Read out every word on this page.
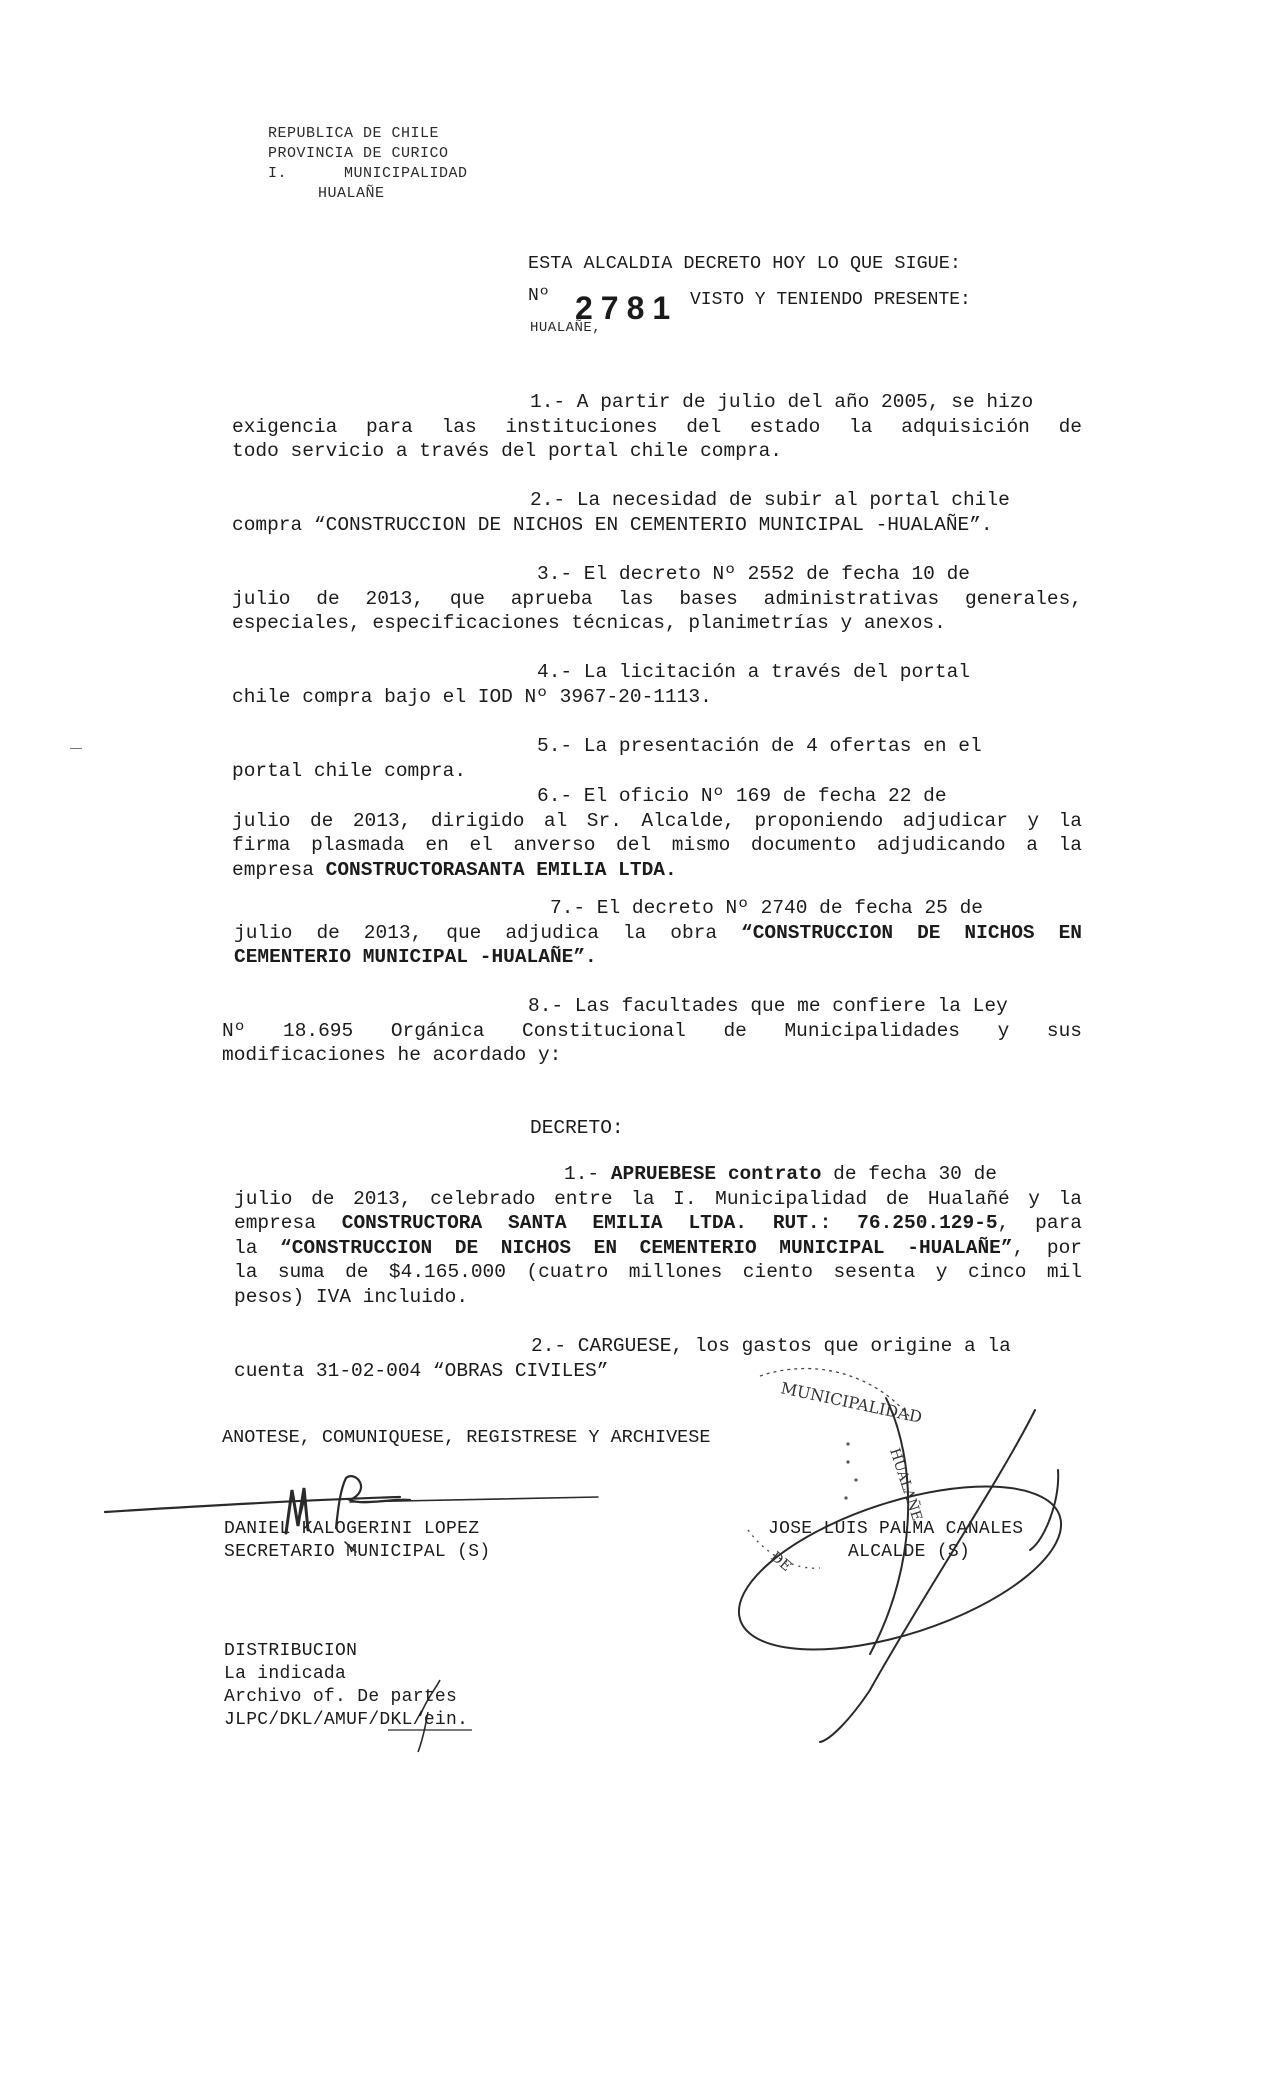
REPUBLICA DE CHILE
PROVINCIA DE CURICO
I.	MUNICIPALIDAD
HUALAÑE
ESTA ALCALDIA DECRETO HOY LO QUE SIGUE:
Nº 2781 VISTO Y TENIENDO PRESENTE:
HUALAÑE,
1.- A partir de julio del año 2005, se hizo
exigencia para las instituciones del estado la adquisición de
todo servicio a través del portal chile compra.
2.- La necesidad de subir al portal chile
compra “CONSTRUCCION DE NICHOS EN CEMENTERIO MUNICIPAL -HUALAÑE”.
3.- El decreto Nº 2552 de fecha 10 de
julio de 2013, que aprueba las bases administrativas generales,
especiales, especificaciones técnicas, planimetrías y anexos.
4.- La licitación a través del portal
chile compra bajo el IOD Nº 3967-20-1113.
5.- La presentación de 4 ofertas en el
portal chile compra.
6.- El oficio Nº 169 de fecha 22 de
julio de 2013, dirigido al Sr. Alcalde, proponiendo adjudicar y la
firma plasmada en el anverso del mismo documento adjudicando a la
empresa CONSTRUCTORASANTA EMILIA LTDA.
7.- El decreto Nº 2740 de fecha 25 de
julio de 2013, que adjudica la obra “CONSTRUCCION DE NICHOS EN
CEMENTERIO MUNICIPAL -HUALAÑE”.
8.- Las facultades que me confiere la Ley
Nº 18.695 Orgánica Constitucional de Municipalidades y sus
modificaciones he acordado y:
DECRETO:
1.- APRUEBESE contrato de fecha 30 de
julio de 2013, celebrado entre la I. Municipalidad de Hualañé y la
empresa CONSTRUCTORA SANTA EMILIA LTDA. RUT.: 76.250.129-5, para
la “CONSTRUCCION DE NICHOS EN CEMENTERIO MUNICIPAL -HUALAÑE”, por
la suma de $4.165.000 (cuatro millones ciento sesenta y cinco mil
pesos) IVA incluido.
2.- CARGUESE, los gastos que origine a la
cuenta 31-02-004 “OBRAS CIVILES”
ANOTESE, COMUNIQUESE, REGISTRESE Y ARCHIVESE
DANIEL KALOGERINI LOPEZ
SECRETARIO MUNICIPAL (S)
JOSE LUIS PALMA CANALES
ALCALDE (S)
MUNICIPALIDAD
HUALAÑE
DE
DISTRIBUCION
La indicada
Archivo of. De partes
JLPC/DKL/AMUF/DKL/ein.
